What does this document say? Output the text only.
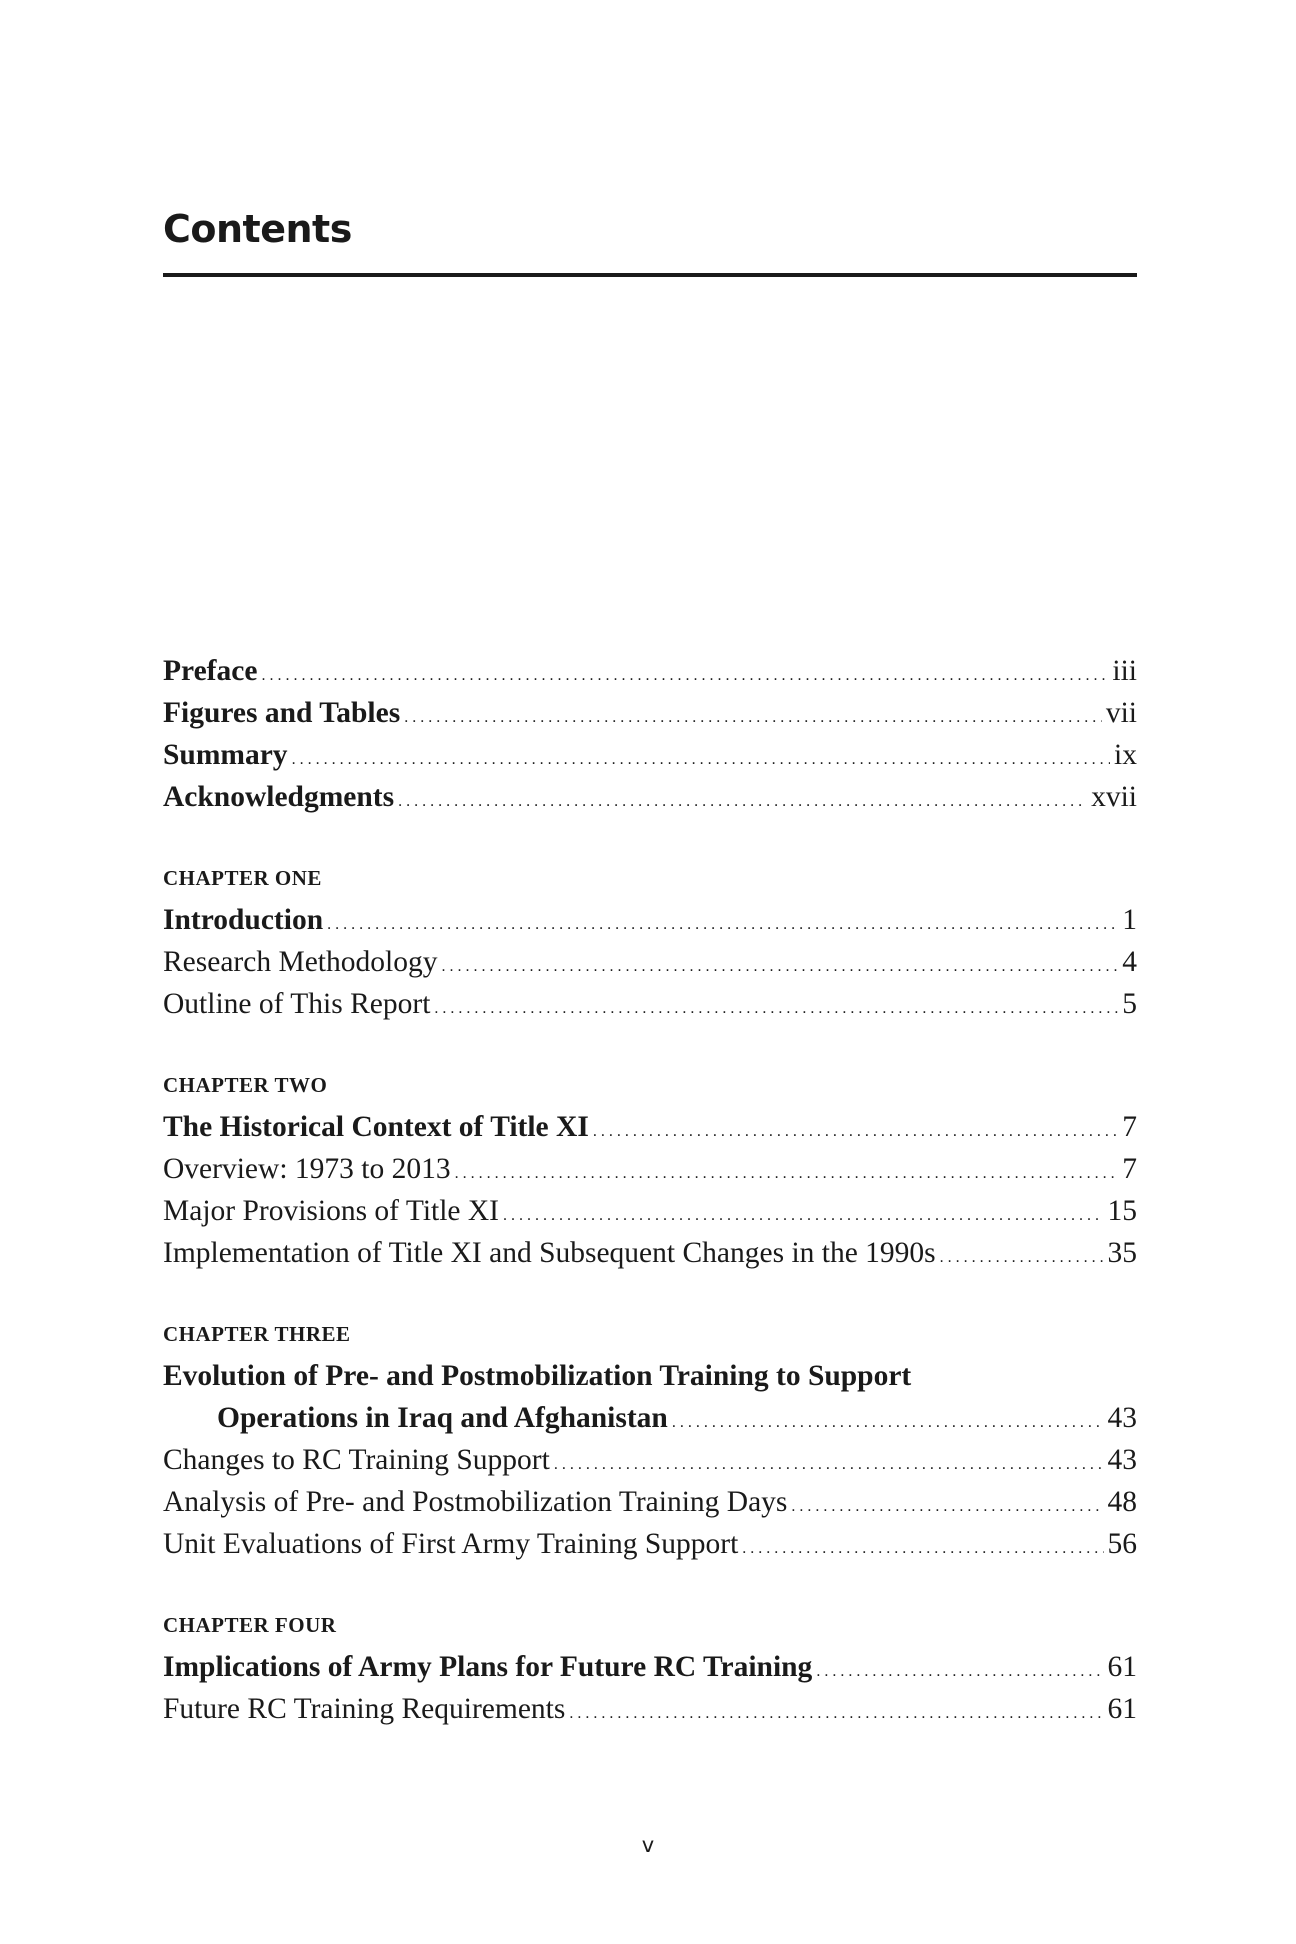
Contents
Preface . . .	iii
Figures and Tables . . .	vii
Summary . . .	ix
Acknowledgments . . .	xvii
CHAPTER ONE
Introduction . . .	1
Research Methodology . . .	4
Outline of This Report . . .	5
CHAPTER TWO
The Historical Context of Title XI . . .	7
Overview: 1973 to 2013 . . .	7
Major Provisions of Title XI . . .	15
Implementation of Title XI and Subsequent Changes in the 1990s . . .	35
CHAPTER THREE
Evolution of Pre- and Postmobilization Training to Support
Operations in Iraq and Afghanistan . . .	43
Changes to RC Training Support . . .	43
Analysis of Pre- and Postmobilization Training Days . . .	48
Unit Evaluations of First Army Training Support . . .	56
CHAPTER FOUR
Implications of Army Plans for Future RC Training . . .	61
Future RC Training Requirements . . .	61
v
